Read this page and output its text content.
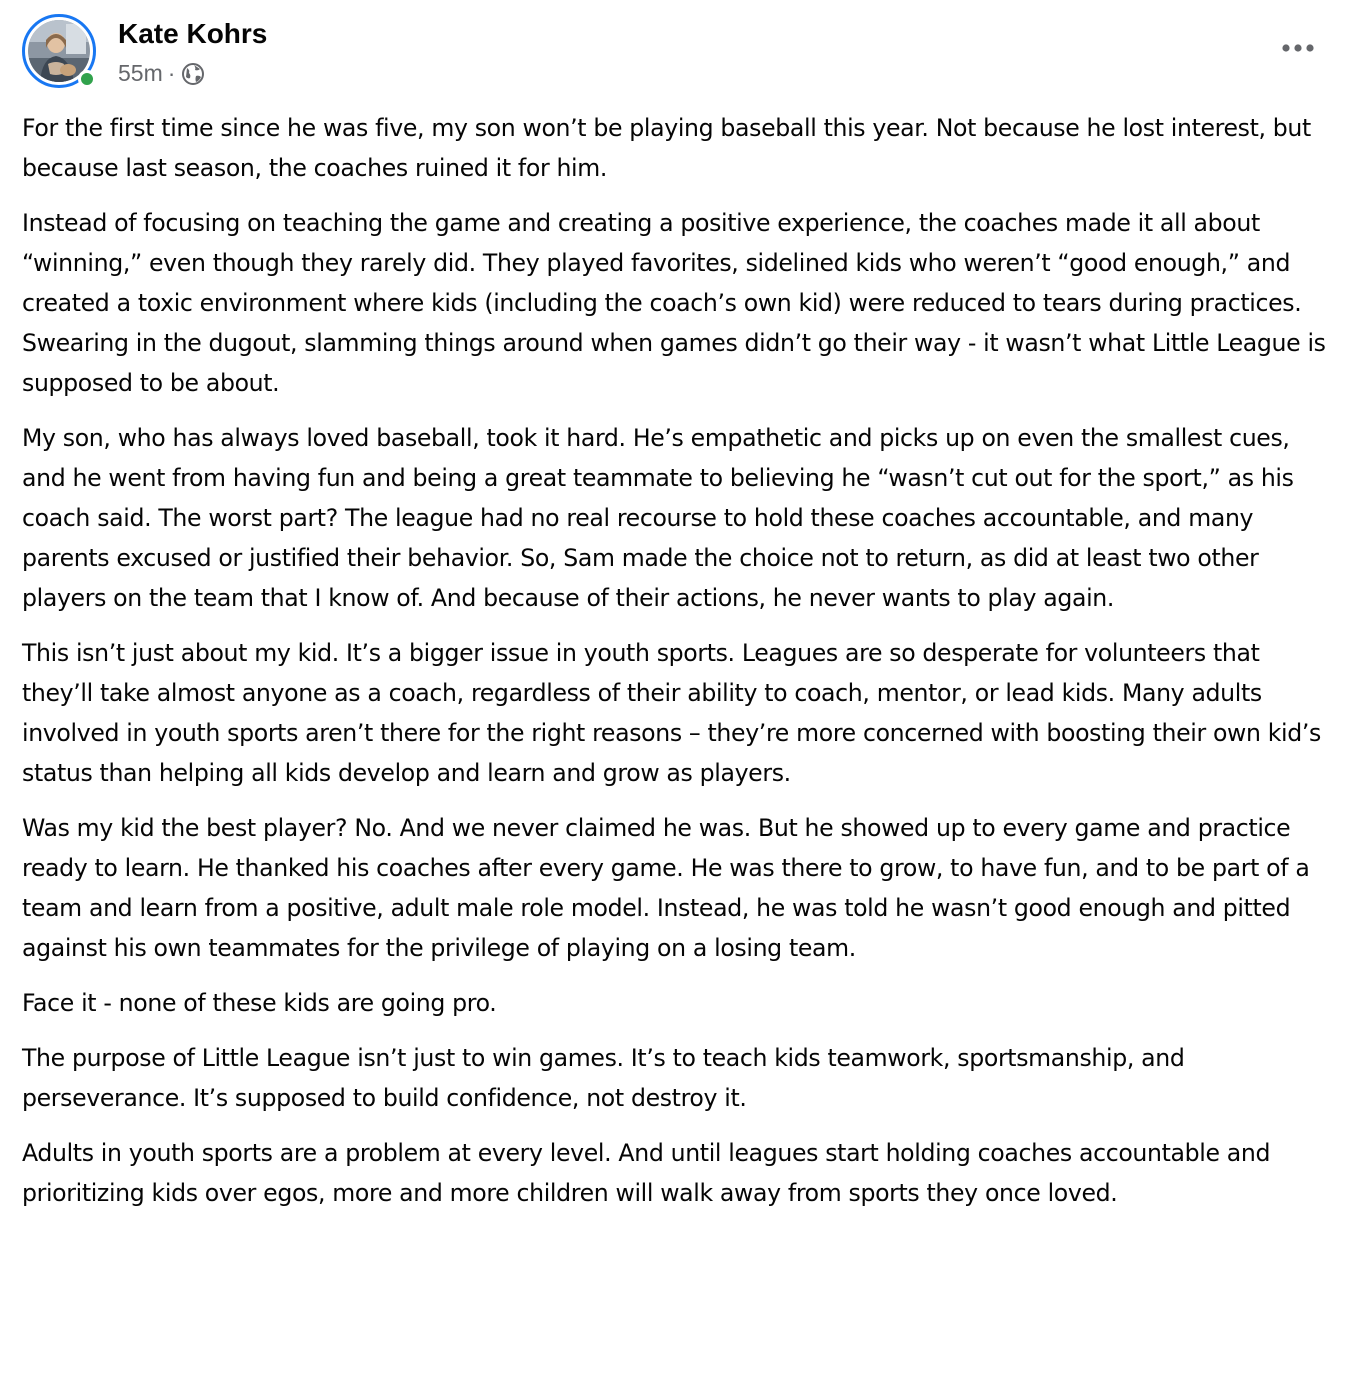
Kate Kohrs
55m ·

For the first time since he was five, my son won’t be playing baseball this year. Not because he lost interest, but because last season, the coaches ruined it for him.

Instead of focusing on teaching the game and creating a positive experience, the coaches made it all about “winning,” even though they rarely did. They played favorites, sidelined kids who weren’t “good enough,” and created a toxic environment where kids (including the coach’s own kid) were reduced to tears during practices. Swearing in the dugout, slamming things around when games didn’t go their way - it wasn’t what Little League is supposed to be about.

My son, who has always loved baseball, took it hard. He’s empathetic and picks up on even the smallest cues, and he went from having fun and being a great teammate to believing he “wasn’t cut out for the sport,” as his coach said. The worst part? The league had no real recourse to hold these coaches accountable, and many parents excused or justified their behavior. So, Sam made the choice not to return, as did at least two other players on the team that I know of. And because of their actions, he never wants to play again.

This isn’t just about my kid. It’s a bigger issue in youth sports. Leagues are so desperate for volunteers that they’ll take almost anyone as a coach, regardless of their ability to coach, mentor, or lead kids. Many adults involved in youth sports aren’t there for the right reasons – they’re more concerned with boosting their own kid’s status than helping all kids develop and learn and grow as players.

Was my kid the best player? No. And we never claimed he was. But he showed up to every game and practice ready to learn. He thanked his coaches after every game. He was there to grow, to have fun, and to be part of a team and learn from a positive, adult male role model. Instead, he was told he wasn’t good enough and pitted against his own teammates for the privilege of playing on a losing team.

Face it - none of these kids are going pro.

The purpose of Little League isn’t just to win games. It’s to teach kids teamwork, sportsmanship, and perseverance. It’s supposed to build confidence, not destroy it.

Adults in youth sports are a problem at every level. And until leagues start holding coaches accountable and prioritizing kids over egos, more and more children will walk away from sports they once loved.
